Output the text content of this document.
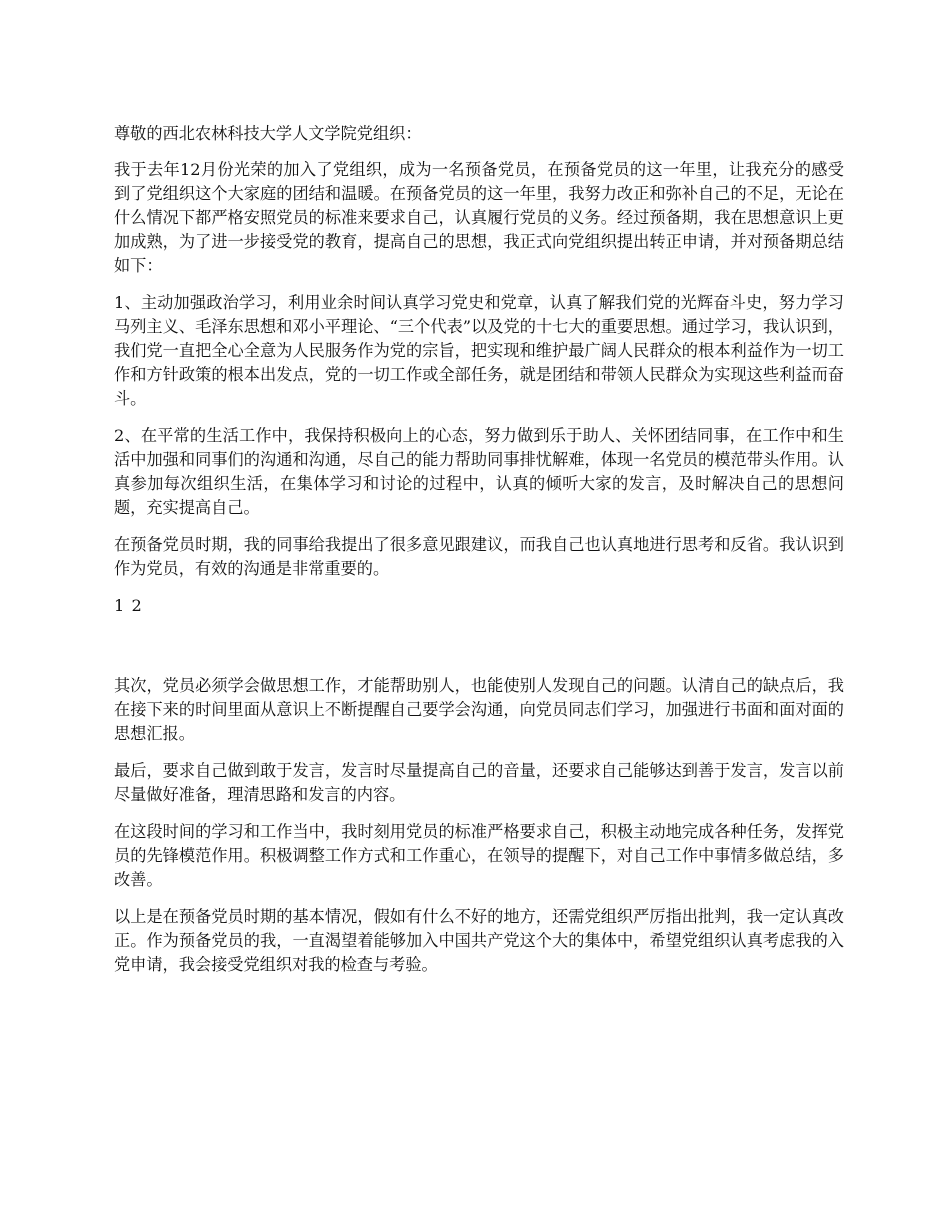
尊敬的西北农林科技大学人文学院党组织：

我于去年12月份光荣的加入了党组织，成为一名预备党员，在预备党员的这一年里，让我充分的感受到了党组织这个大家庭的团结和温暖。在预备党员的这一年里，我努力改正和弥补自己的不足，无论在什么情况下都严格安照党员的标准来要求自己，认真履行党员的义务。经过预备期，我在思想意识上更加成熟，为了进一步接受党的教育，提高自己的思想，我正式向党组织提出转正申请，并对预备期总结如下：

1、主动加强政治学习，利用业余时间认真学习党史和党章，认真了解我们党的光辉奋斗史，努力学习马列主义、毛泽东思想和邓小平理论、“三个代表”以及党的十七大的重要思想。通过学习，我认识到，我们党一直把全心全意为人民服务作为党的宗旨，把实现和维护最广阔人民群众的根本利益作为一切工作和方针政策的根本出发点，党的一切工作或全部任务，就是团结和带领人民群众为实现这些利益而奋斗。

2、在平常的生活工作中，我保持积极向上的心态，努力做到乐于助人、关怀团结同事，在工作中和生活中加强和同事们的沟通和沟通，尽自己的能力帮助同事排忧解难，体现一名党员的模范带头作用。认真参加每次组织生活，在集体学习和讨论的过程中，认真的倾听大家的发言，及时解决自己的思想问题，充实提高自己。

在预备党员时期，我的同事给我提出了很多意见跟建议，而我自己也认真地进行思考和反省。我认识到作为党员，有效的沟通是非常重要的。

1 2

其次，党员必须学会做思想工作，才能帮助别人，也能使别人发现自己的问题。认清自己的缺点后，我在接下来的时间里面从意识上不断提醒自己要学会沟通，向党员同志们学习，加强进行书面和面对面的思想汇报。

最后，要求自己做到敢于发言，发言时尽量提高自己的音量，还要求自己能够达到善于发言，发言以前尽量做好准备，理清思路和发言的内容。

在这段时间的学习和工作当中，我时刻用党员的标准严格要求自己，积极主动地完成各种任务，发挥党员的先锋模范作用。积极调整工作方式和工作重心，在领导的提醒下，对自己工作中事情多做总结，多改善。

以上是在预备党员时期的基本情况，假如有什么不好的地方，还需党组织严厉指出批判，我一定认真改正。作为预备党员的我，一直渴望着能够加入中国共产党这个大的集体中，希望党组织认真考虑我的入党申请，我会接受党组织对我的检查与考验。
